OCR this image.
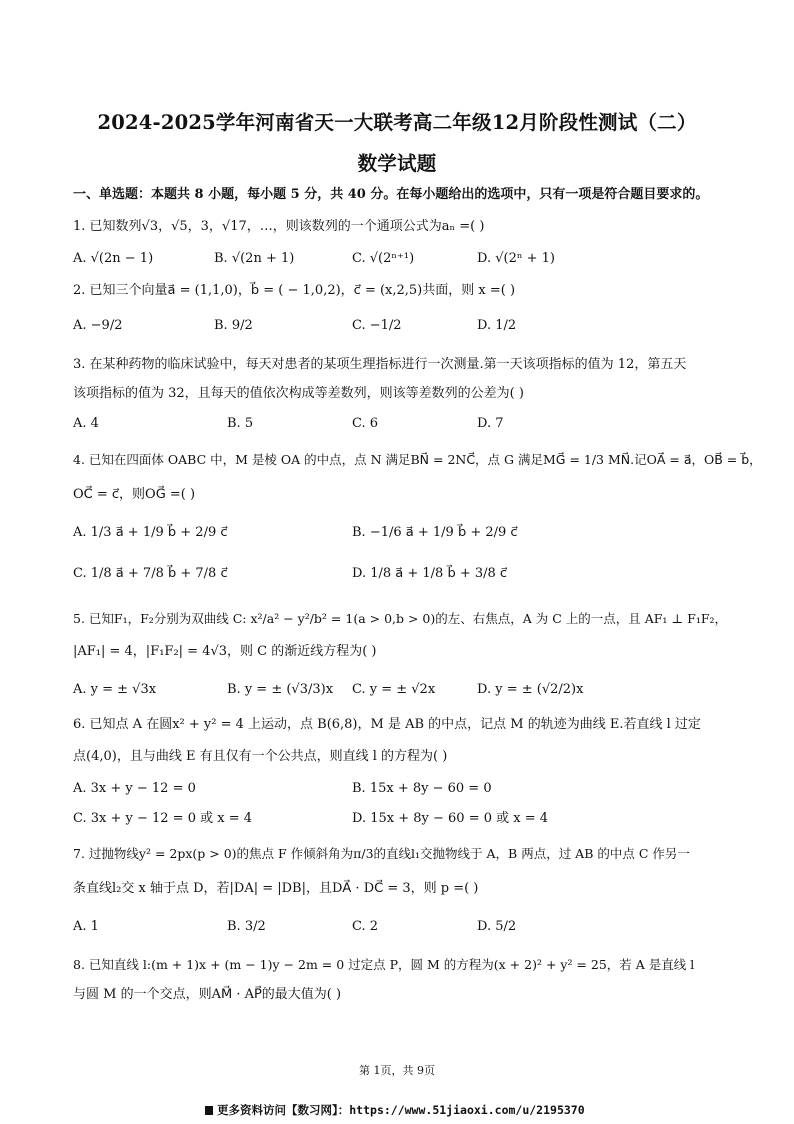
2024-2025学年河南省天一大联考高二年级12月阶段性测试（二）
数学试题
一、单选题：本题共 8 小题，每小题 5 分，共 40 分。在每小题给出的选项中，只有一项是符合题目要求的。
1. 已知数列√3，√5，3，√17，…，则该数列的一个通项公式为aₙ =( )
A. √(2n − 1)	B. √(2n + 1)	C. √(2ⁿ⁺¹)	D. √(2ⁿ + 1)
2. 已知三个向量a⃗ = (1,1,0)，b⃗ = ( − 1,0,2)，c⃗ = (x,2,5)共面，则 x =( )
A. −9/2	B. 9/2	C. −1/2	D. 1/2
3. 在某种药物的临床试验中，每天对患者的某项生理指标进行一次测量.第一天该项指标的值为 12，第五天
该项指标的值为 32，且每天的值依次构成等差数列，则该等差数列的公差为( )
A. 4	B. 5	C. 6	D. 7
4. 已知在四面体 OABC 中，M 是棱 OA 的中点，点 N 满足BN⃗ = 2NC⃗，点 G 满足MG⃗ = 1/3 MN⃗.记OA⃗ = a⃗，OB⃗ = b⃗，
OC⃗ = c⃗，则OG⃗ =( )
A. 1/3 a⃗ + 1/9 b⃗ + 2/9 c⃗	B. −1/6 a⃗ + 1/9 b⃗ + 2/9 c⃗
C. 1/8 a⃗ + 7/8 b⃗ + 7/8 c⃗	D. 1/8 a⃗ + 1/8 b⃗ + 3/8 c⃗
5. 已知F₁，F₂分别为双曲线 C: x²/a² − y²/b² = 1(a > 0,b > 0)的左、右焦点，A 为 C 上的一点，且 AF₁ ⊥ F₁F₂，
|AF₁| = 4，|F₁F₂| = 4√3，则 C 的渐近线方程为( )
A. y = ± √3x	B. y = ± (√3/3)x C. y = ± √2x	D. y = ± (√2/2)x
6. 已知点 A 在圆x² + y² = 4 上运动，点 B(6,8)，M 是 AB 的中点，记点 M 的轨迹为曲线 E.若直线 l 过定
点(4,0)，且与曲线 E 有且仅有一个公共点，则直线 l 的方程为( )
A. 3x + y − 12 = 0	B. 15x + 8y − 60 = 0
C. 3x + y − 12 = 0 或 x = 4	D. 15x + 8y − 60 = 0 或 x = 4
7. 过抛物线y² = 2px(p > 0)的焦点 F 作倾斜角为π/3的直线l₁交抛物线于 A，B 两点，过 AB 的中点 C 作另一
条直线l₂交 x 轴于点 D，若|DA| = |DB|，且DA⃗ · DC⃗ = 3，则 p =( )
A. 1	B. 3/2	C. 2	D. 5/2
8. 已知直线 l:(m + 1)x + (m − 1)y − 2m = 0 过定点 P，圆 M 的方程为(x + 2)² + y² = 25，若 A 是直线 l
与圆 M 的一个交点，则AM⃗ · AP⃗的最大值为( )
第 1页，共 9页
更多资料访问【数习网】：https://www.51jiaoxi.com/u/2195370
